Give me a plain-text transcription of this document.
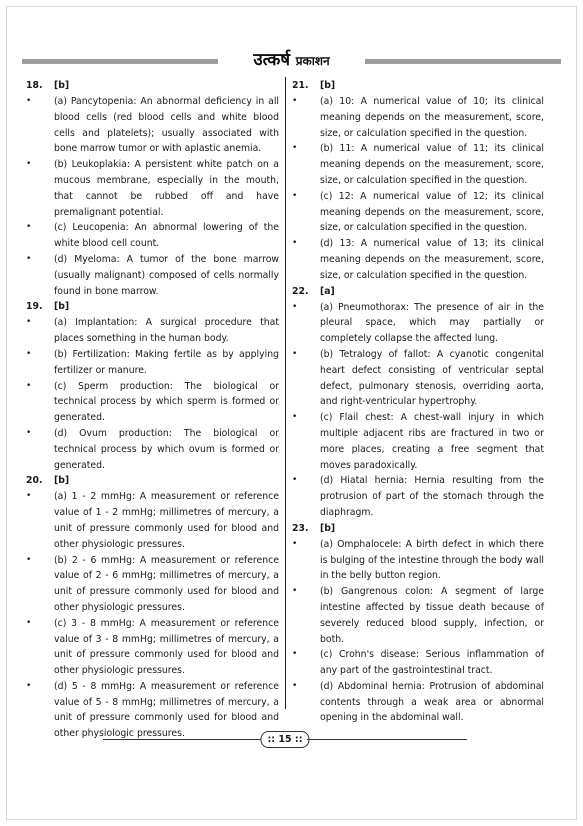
उत्कर्ष प्रकाशन
18.	[b]
•	(a) Pancytopenia: An abnormal deficiency in all blood cells (red blood cells and white blood cells and platelets); usually associated with bone marrow tumor or with aplastic anemia.
•	(b) Leukoplakia: A persistent white patch on a mucous membrane, especially in the mouth, that cannot be rubbed off and have premalignant potential.
•	(c) Leucopenia: An abnormal lowering of the white blood cell count.
•	(d) Myeloma: A tumor of the bone marrow (usually malignant) composed of cells normally found in bone marrow.
19.	[b]
•	(a) Implantation: A surgical procedure that places something in the human body.
•	(b) Fertilization: Making fertile as by applying fertilizer or manure.
•	(c) Sperm production: The biological or technical process by which sperm is formed or generated.
•	(d) Ovum production: The biological or technical process by which ovum is formed or generated.
20.	[b]
•	(a) 1 - 2 mmHg: A measurement or reference value of 1 - 2 mmHg; millimetres of mercury, a unit of pressure commonly used for blood and other physiologic pressures.
•	(b) 2 - 6 mmHg: A measurement or reference value of 2 - 6 mmHg; millimetres of mercury, a unit of pressure commonly used for blood and other physiologic pressures.
•	(c) 3 - 8 mmHg: A measurement or reference value of 3 - 8 mmHg; millimetres of mercury, a unit of pressure commonly used for blood and other physiologic pressures.
•	(d) 5 - 8 mmHg: A measurement or reference value of 5 - 8 mmHg; millimetres of mercury, a unit of pressure commonly used for blood and other physiologic pressures.
21.	[b]
•	(a) 10: A numerical value of 10; its clinical meaning depends on the measurement, score, size, or calculation specified in the question.
•	(b) 11: A numerical value of 11; its clinical meaning depends on the measurement, score, size, or calculation specified in the question.
•	(c) 12: A numerical value of 12; its clinical meaning depends on the measurement, score, size, or calculation specified in the question.
•	(d) 13: A numerical value of 13; its clinical meaning depends on the measurement, score, size, or calculation specified in the question.
22.	[a]
•	(a) Pneumothorax: The presence of air in the pleural space, which may partially or completely collapse the affected lung.
•	(b) Tetralogy of fallot: A cyanotic congenital heart defect consisting of ventricular septal defect, pulmonary stenosis, overriding aorta, and right-ventricular hypertrophy.
•	(c) Flail chest: A chest-wall injury in which multiple adjacent ribs are fractured in two or more places, creating a free segment that moves paradoxically.
•	(d) Hiatal hernia: Hernia resulting from the protrusion of part of the stomach through the diaphragm.
23.	[b]
•	(a) Omphalocele: A birth defect in which there is bulging of the intestine through the body wall in the belly button region.
•	(b) Gangrenous colon: A segment of large intestine affected by tissue death because of severely reduced blood supply, infection, or both.
•	(c) Crohn's disease: Serious inflammation of any part of the gastrointestinal tract.
•	(d) Abdominal hernia: Protrusion of abdominal contents through a weak area or abnormal opening in the abdominal wall.
:: 15 ::
